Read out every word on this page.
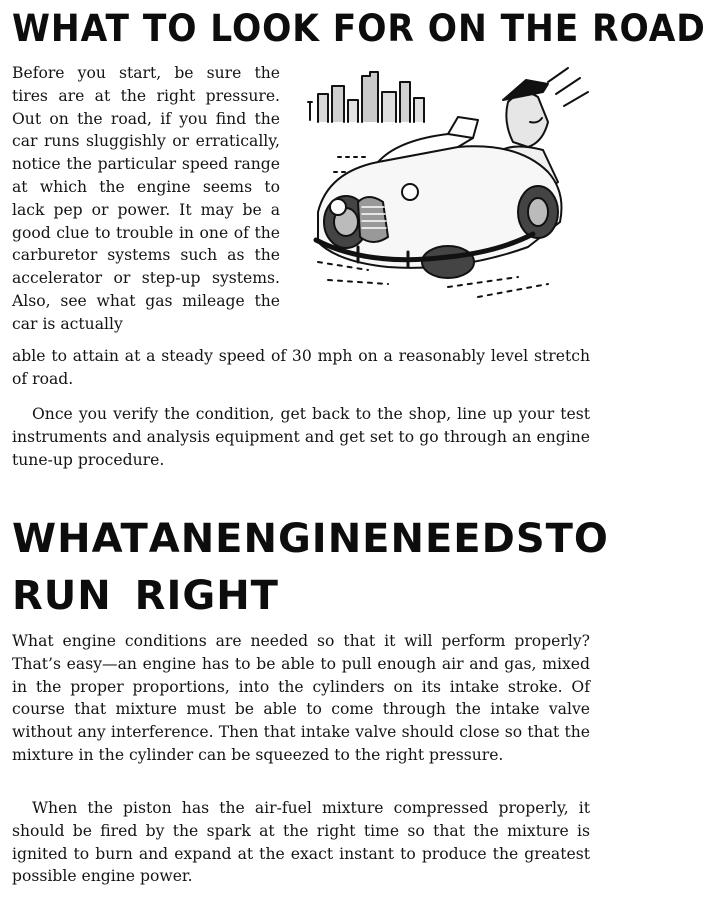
WHAT TO LOOK FOR ON THE ROAD
Before you start, be sure the tires are at the right pressure. Out on the road, if you find the car runs sluggishly or erratically, notice the particular speed range at which the engine seems to lack pep or power. It may be a good clue to trouble in one of the carburetor systems such as the accelerator or step-up systems. Also, see what gas mileage the car is actually
able to attain at a steady speed of 30 mph on a reasonably level stretch of road.
Once you verify the condition, get back to the shop, line up your test instruments and analysis equipment and get set to go through an engine tune-up procedure.
WHAT AN ENGINE NEEDS TO
RUN RIGHT
What engine conditions are needed so that it will perform properly? That’s easy—an engine has to be able to pull enough air and gas, mixed in the proper proportions, into the cylinders on its intake stroke. Of course that mixture must be able to come through the intake valve without any interference. Then that intake valve should close so that the mixture in the cylinder can be squeezed to the right pressure.
When the piston has the air-fuel mixture compressed properly, it should be fired by the spark at the right time so that the mixture is ignited to burn and expand at the exact instant to produce the greatest possible engine power.
